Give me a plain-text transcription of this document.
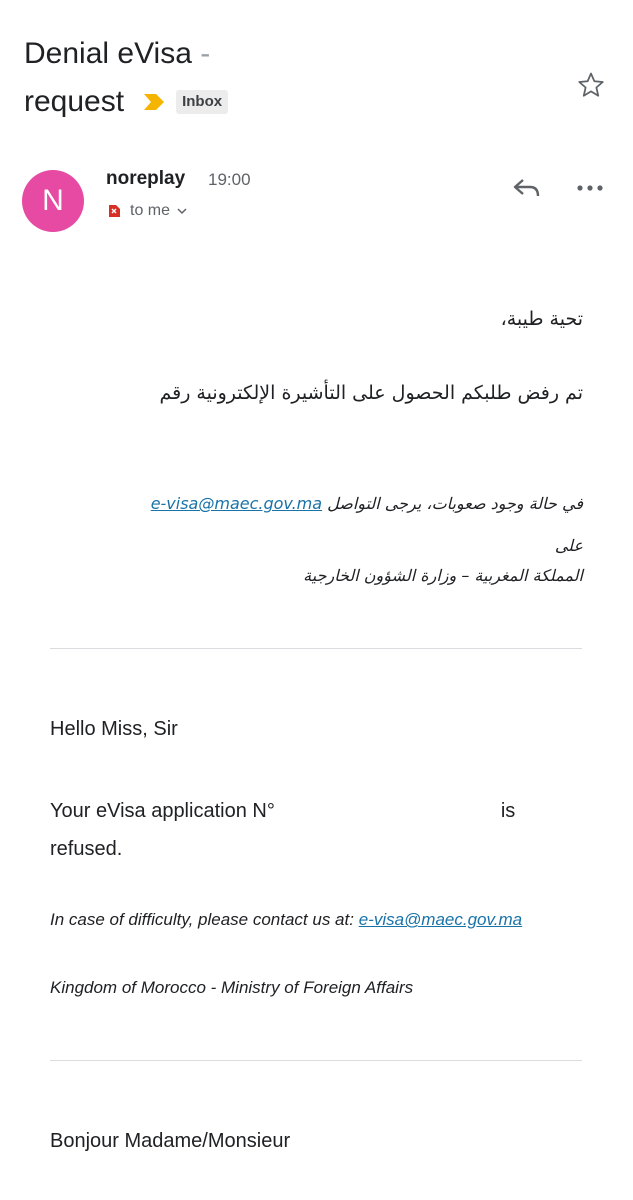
Denial eVisa -
request	Inbox
N
noreplay 19:00
to me
تحية طيبة،
تم رفض طلبكم الحصول على التأشيرة الإلكترونية رقم
في حالة وجود صعوبات، يرجى التواصل e-visa@maec.gov.ma
على
المملكة المغربية – وزارة الشؤون الخارجية
Hello Miss, Sir
Your eVisa application N°	is
refused.
In case of difficulty, please contact us at: e-visa@maec.gov.ma
Kingdom of Morocco - Ministry of Foreign Affairs
Bonjour Madame/Monsieur
